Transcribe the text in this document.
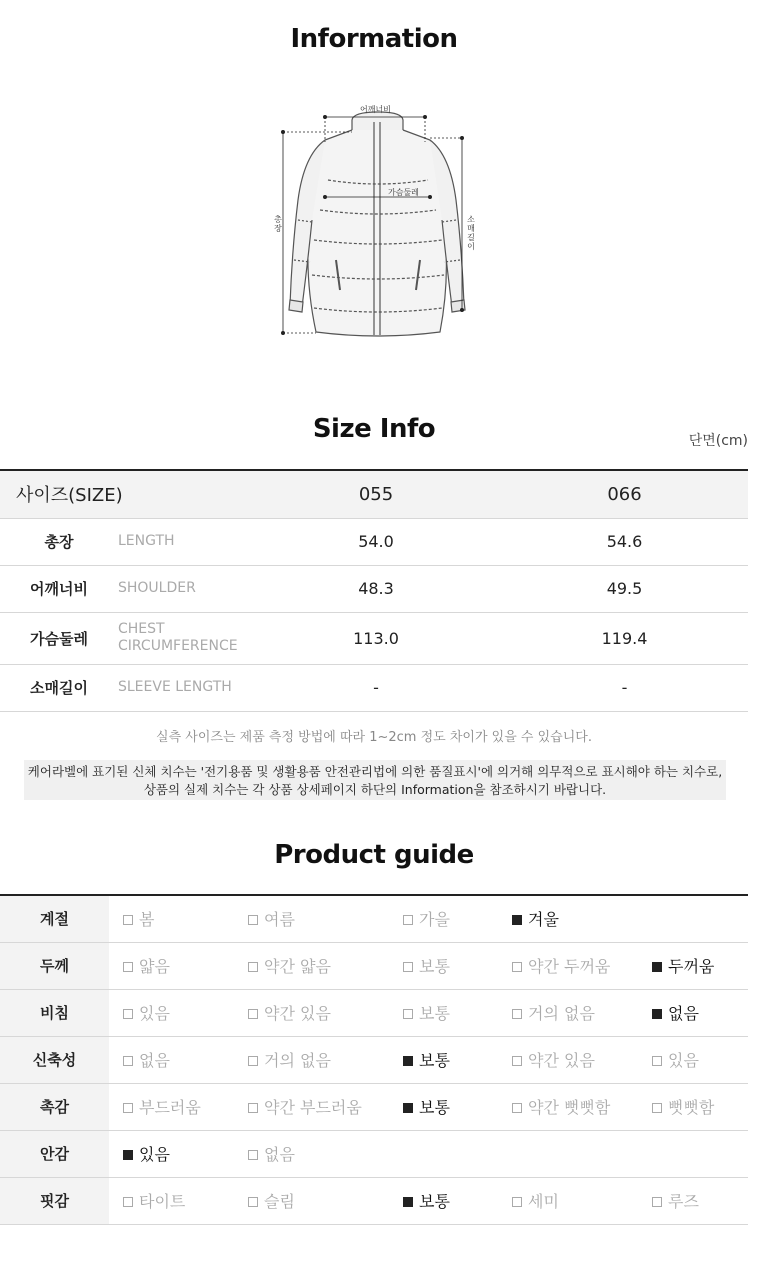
Information
어깨너비
가슴둘레
총장
소매길이
Size Info	단면(cm)
사이즈(SIZE)		055	066
총장	LENGTH	54.0	54.6
어깨너비	SHOULDER	48.3	49.5
가슴둘레	CHEST CIRCUMFERENCE	113.0	119.4
소매길이	SLEEVE LENGTH	-	-
실측 사이즈는 제품 측정 방법에 따라 1~2cm 정도 차이가 있을 수 있습니다.
케어라벨에 표기된 신체 치수는 '전기용품 및 생활용품 안전관리법에 의한 품질표시'에 의거해 의무적으로 표시해야 하는 치수로,
상품의 실제 치수는 각 상품 상세페이지 하단의 Information을 참조하시기 바랍니다.
Product guide
계절	봄	여름	가을	겨울	
두께	얇음	약간 얇음	보통	약간 두꺼움	두꺼움
비침	있음	약간 있음	보통	거의 없음	없음
신축성	없음	거의 없음	보통	약간 있음	있음
촉감	부드러움	약간 부드러움	보통	약간 뻣뻣함	뻣뻣함
안감	있음	없음			
핏감	타이트	슬림	보통	세미	루즈
